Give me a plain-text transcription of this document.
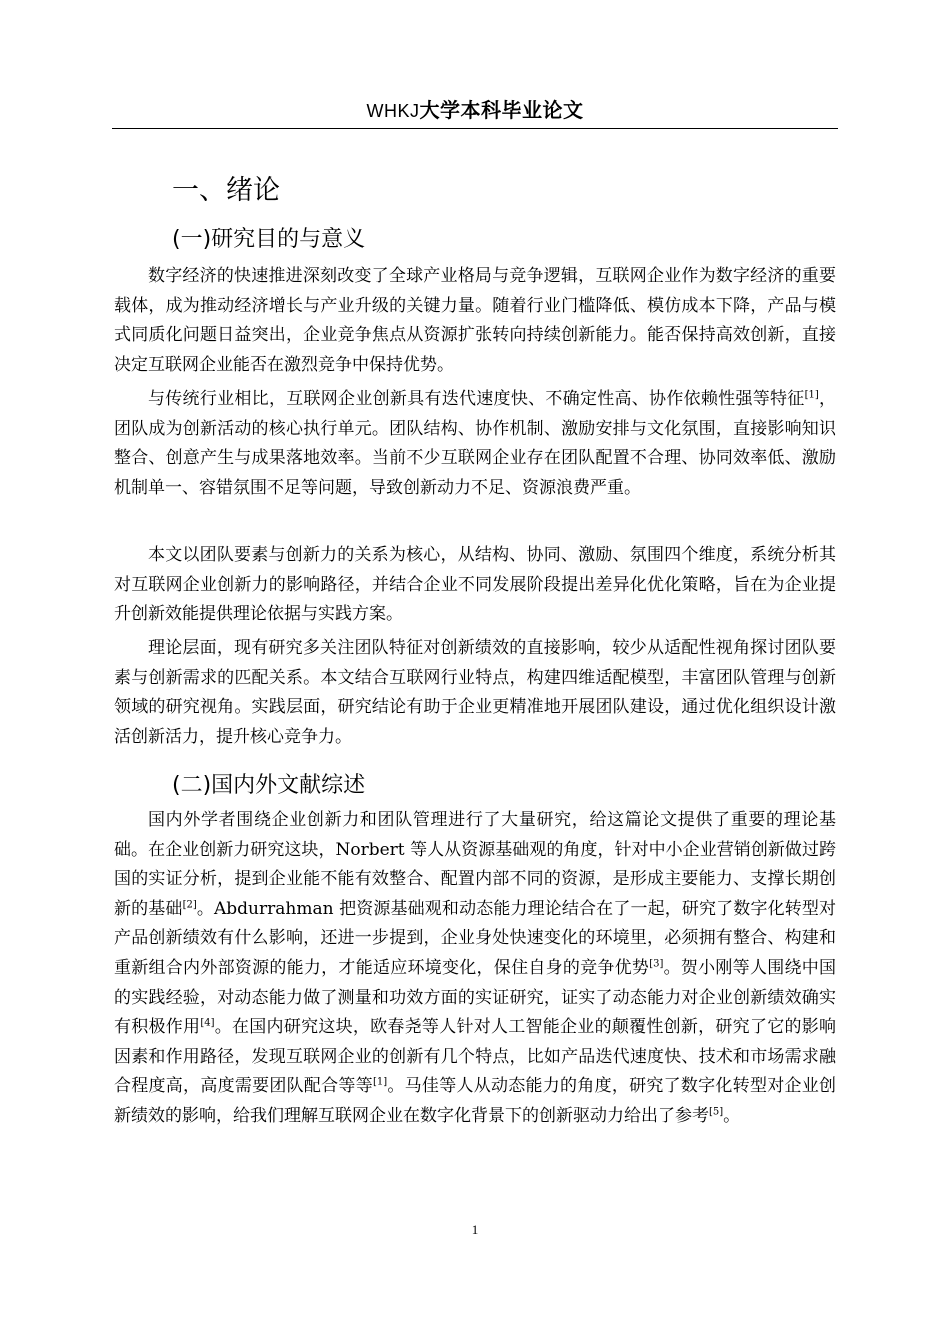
WHKJ大学本科毕业论文
一、绪论
(一)研究目的与意义

数字经济的快速推进深刻改变了全球产业格局与竞争逻辑，互联网企业作为数字经济的重要载体，成为推动经济增长与产业升级的关键力量。随着行业门槛降低、模仿成本下降，产品与模式同质化问题日益突出，企业竞争焦点从资源扩张转向持续创新能力。能否保持高效创新，直接决定互联网企业能否在激烈竞争中保持优势。

与传统行业相比，互联网企业创新具有迭代速度快、不确定性高、协作依赖性强等特征[1]，团队成为创新活动的核心执行单元。团队结构、协作机制、激励安排与文化氛围，直接影响知识整合、创意产生与成果落地效率。当前不少互联网企业存在团队配置不合理、协同效率低、激励机制单一、容错氛围不足等问题，导致创新动力不足、资源浪费严重。

本文以团队要素与创新力的关系为核心，从结构、协同、激励、氛围四个维度，系统分析其对互联网企业创新力的影响路径，并结合企业不同发展阶段提出差异化优化策略，旨在为企业提升创新效能提供理论依据与实践方案。

理论层面，现有研究多关注团队特征对创新绩效的直接影响，较少从适配性视角探讨团队要素与创新需求的匹配关系。本文结合互联网行业特点，构建四维适配模型，丰富团队管理与创新领域的研究视角。实践层面，研究结论有助于企业更精准地开展团队建设，通过优化组织设计激活创新活力，提升核心竞争力。

(二)国内外文献综述

国内外学者围绕企业创新力和团队管理进行了大量研究，给这篇论文提供了重要的理论基础。在企业创新力研究这块，Norbert 等人从资源基础观的角度，针对中小企业营销创新做过跨国的实证分析，提到企业能不能有效整合、配置内部不同的资源，是形成主要能力、支撑长期创新的基础[2]。Abdurrahman 把资源基础观和动态能力理论结合在了一起，研究了数字化转型对产品创新绩效有什么影响，还进一步提到，企业身处快速变化的环境里，必须拥有整合、构建和重新组合内外部资源的能力，才能适应环境变化，保住自身的竞争优势[3]。贺小刚等人围绕中国的实践经验，对动态能力做了测量和功效方面的实证研究，证实了动态能力对企业创新绩效确实有积极作用[4]。在国内研究这块，欧春尧等人针对人工智能企业的颠覆性创新，研究了它的影响因素和作用路径，发现互联网企业的创新有几个特点，比如产品迭代速度快、技术和市场需求融合程度高，高度需要团队配合等等[1]。马佳等人从动态能力的角度，研究了数字化转型对企业创新绩效的影响，给我们理解互联网企业在数字化背景下的创新驱动力给出了参考[5]。

1
